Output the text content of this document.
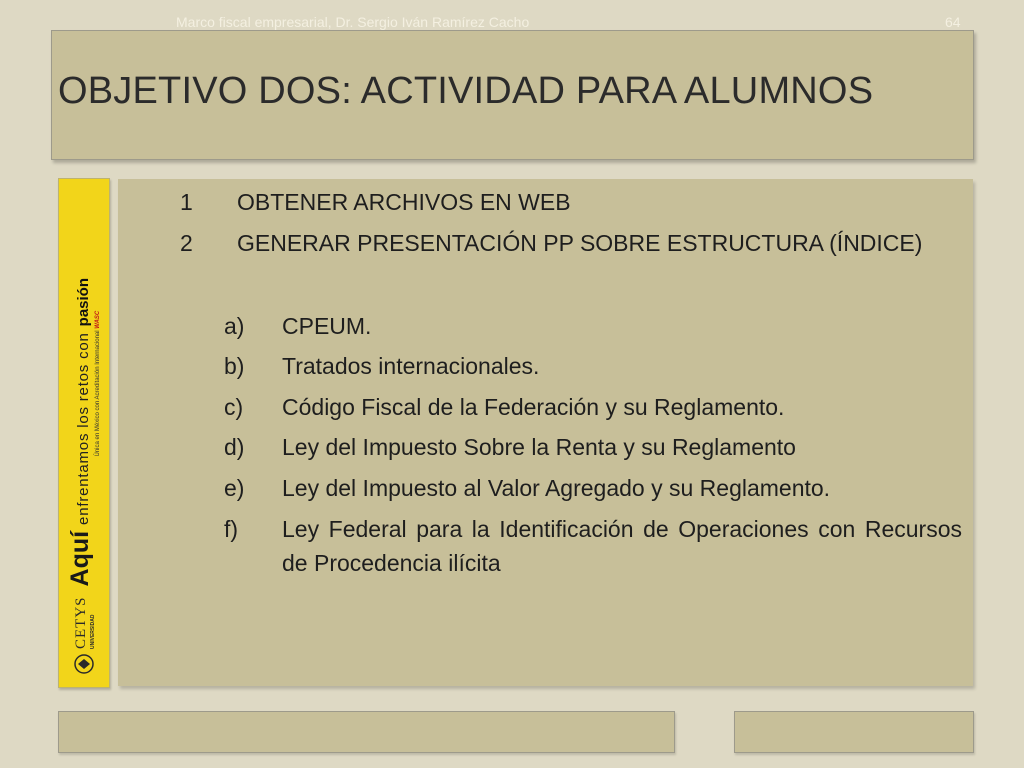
OBJETIVO DOS: ACTIVIDAD PARA ALUMNOS
CETYS UNIVERSIDAD
Aquí
enfrentamos los retos con
pasión
Única en México con Acreditación Internacional WASC
1 OBTENER ARCHIVOS EN WEB
2 GENERAR PRESENTACIÓN PP SOBRE ESTRUCTURA (ÍNDICE)
a) CPEUM.
b) Tratados internacionales.
c) Código Fiscal de la Federación y su Reglamento.
d) Ley del Impuesto Sobre la Renta y su Reglamento
e) Ley del Impuesto al Valor Agregado y su Reglamento.
f) Ley Federal para la Identificación de Operaciones con Recursos de Procedencia ilícita
Marco fiscal empresarial, Dr. Sergio Iván Ramírez Cacho	64
